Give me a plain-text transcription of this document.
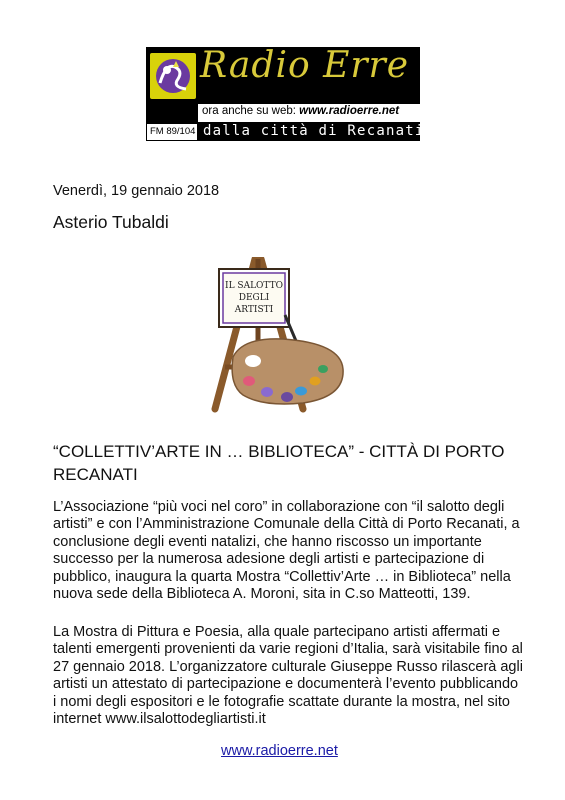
Radio Erre
ora anche su web: www.radioerre.net
FM 89/104 dalla città di Recanati
Venerdì, 19 gennaio 2018
Asterio Tubaldi
IL SALOTTO
DEGLI
ARTISTI
“COLLETTIV’ARTE IN … BIBLIOTECA” - CITTÀ DI PORTO RECANATI

L’Associazione “più voci nel coro” in collaborazione con “il salotto degli artisti” e con l’Amministrazione Comunale della Città di Porto Recanati, a conclusione degli eventi natalizi, che hanno riscosso un importante successo per la numerosa adesione degli artisti e partecipazione di pubblico, inaugura la quarta Mostra “Collettiv’Arte … in Biblioteca” nella nuova sede della Biblioteca A. Moroni, sita in C.so Matteotti, 139.

La Mostra di Pittura e Poesia, alla quale partecipano artisti affermati e talenti emergenti provenienti da varie regioni d’Italia, sarà visitabile fino al 27 gennaio 2018. L’organizzatore culturale Giuseppe Russo rilascerà agli artisti un attestato di partecipazione e documenterà l’evento pubblicando i nomi degli espositori e le fotografie scattate durante la mostra, nel sito internet www.ilsalottodegliartisti.it

www.radioerre.net
